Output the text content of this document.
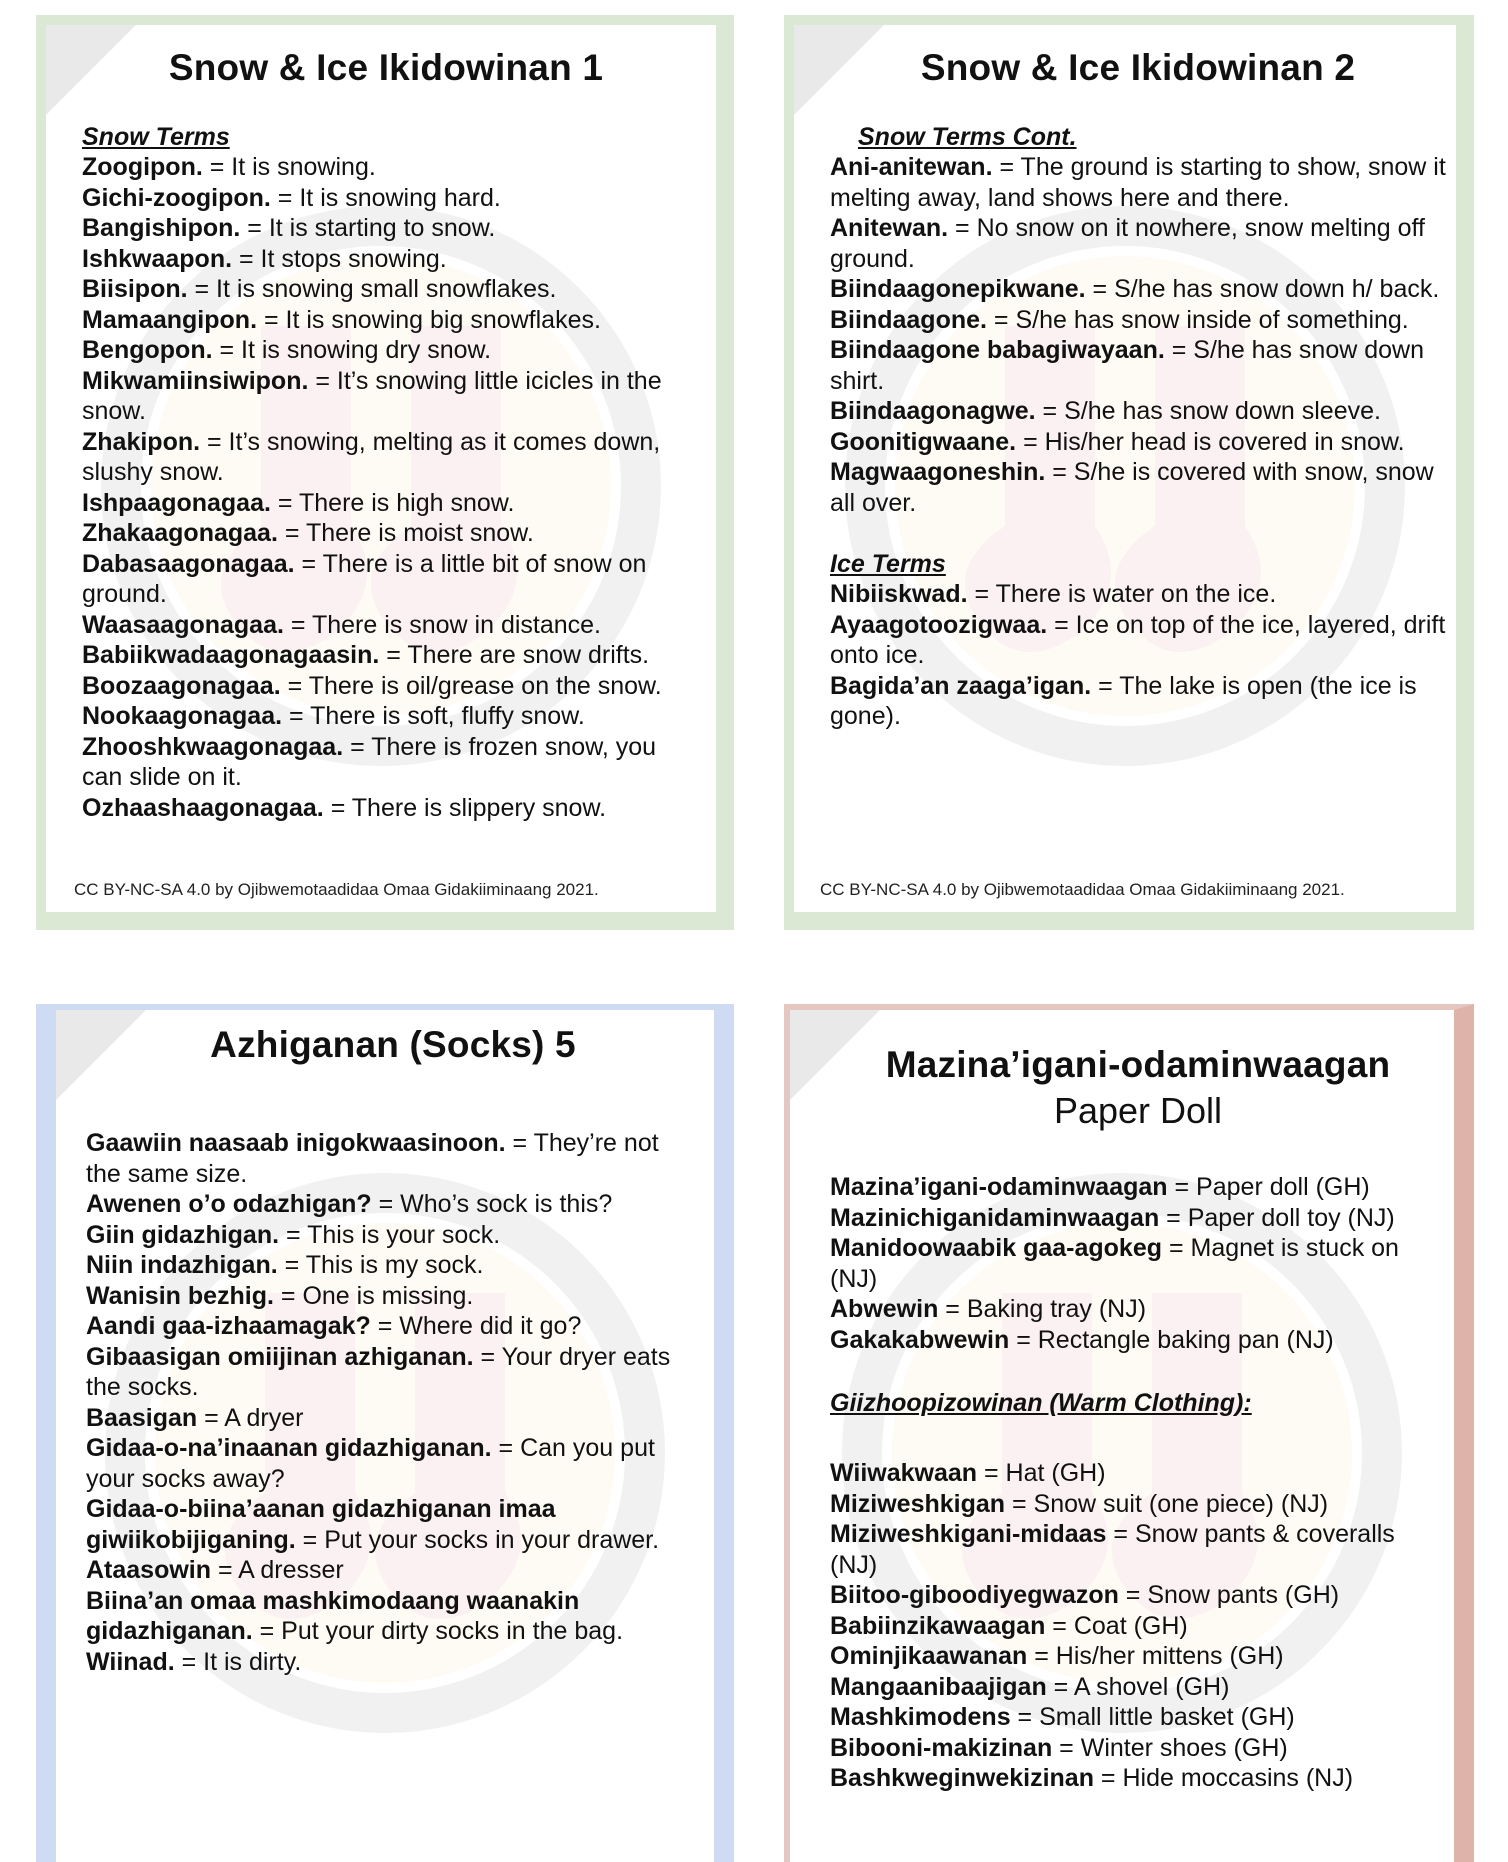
Snow & Ice Ikidowinan 1

Snow Terms

Zoogipon. = It is snowing.

Gichi-zoogipon. = It is snowing hard.

Bangishipon. = It is starting to snow.

Ishkwaapon. = It stops snowing.

Biisipon. = It is snowing small snowflakes.

Mamaangipon. = It is snowing big snowflakes.

Bengopon. = It is snowing dry snow.

Mikwamiinsiwipon. = It’s snowing little icicles in the snow.

Zhakipon. = It’s snowing, melting as it comes down, slushy snow.

Ishpaagonagaa. = There is high snow.

Zhakaagonagaa. = There is moist snow.

Dabasaagonagaa. = There is a little bit of snow on ground.

Waasaagonagaa. = There is snow in distance.

Babiikwadaagonagaasin. = There are snow drifts.

Boozaagonagaa. = There is oil/grease on the snow.

Nookaagonagaa. = There is soft, fluffy snow.

Zhooshkwaagonagaa. = There is frozen snow, you can slide on it.

Ozhaashaagonagaa. = There is slippery snow.

CC BY-NC-SA 4.0 by Ojibwemotaadidaa Omaa Gidakiiminaang 2021.
Snow & Ice Ikidowinan 2

Snow Terms Cont.

Ani-anitewan. = The ground is starting to show, snow it melting away, land shows here and there.

Anitewan. = No snow on it nowhere, snow melting off ground.

Biindaagonepikwane. = S/he has snow down h/ back.

Biindaagone. = S/he has snow inside of something.

Biindaagone babagiwayaan. = S/he has snow down shirt.

Biindaagonagwe. = S/he has snow down sleeve.

Goonitigwaane. = His/her head is covered in snow.

Magwaagoneshin. = S/he is covered with snow, snow all over.

Ice Terms

Nibiiskwad. = There is water on the ice.

Ayaagotoozigwaa. = Ice on top of the ice, layered, drift onto ice.

Bagida’an zaaga’igan. = The lake is open (the ice is gone).

CC BY-NC-SA 4.0 by Ojibwemotaadidaa Omaa Gidakiiminaang 2021.
Azhiganan (Socks) 5

Gaawiin naasaab inigokwaasinoon. = They’re not the same size.

Awenen o’o odazhigan? = Who’s sock is this?

Giin gidazhigan. = This is your sock.

Niin indazhigan. = This is my sock.

Wanisin bezhig. = One is missing.

Aandi gaa-izhaamagak? = Where did it go?

Gibaasigan omiijinan azhiganan. = Your dryer eats the socks.

Baasigan = A dryer

Gidaa-o-na’inaanan gidazhiganan. = Can you put your socks away?

Gidaa-o-biina’aanan gidazhiganan imaa giwiikobijiganing. = Put your socks in your drawer.

Ataasowin = A dresser

Biina’an omaa mashkimodaang waanakin gidazhiganan. = Put your dirty socks in the bag.

Wiinad. = It is dirty.

Mazina’igani-odaminwaagan
Paper Doll

Mazina’igani-odaminwaagan = Paper doll (GH)

Mazinichiganidaminwaagan = Paper doll toy (NJ)

Manidoowaabik gaa-agokeg = Magnet is stuck on (NJ)

Abwewin = Baking tray (NJ)

Gakakabwewin = Rectangle baking pan (NJ)

Giizhoopizowinan (Warm Clothing):

Wiiwakwaan = Hat (GH)

Miziweshkigan = Snow suit (one piece) (NJ)

Miziweshkigani-midaas = Snow pants & coveralls (NJ)

Biitoo-giboodiyegwazon = Snow pants (GH)

Babiinzikawaagan = Coat (GH)

Ominjikaawanan = His/her mittens (GH)

Mangaanibaajigan = A shovel (GH)

Mashkimodens = Small little basket (GH)

Bibooni-makizinan = Winter shoes (GH)

Bashkweginwekizinan = Hide moccasins (NJ)
